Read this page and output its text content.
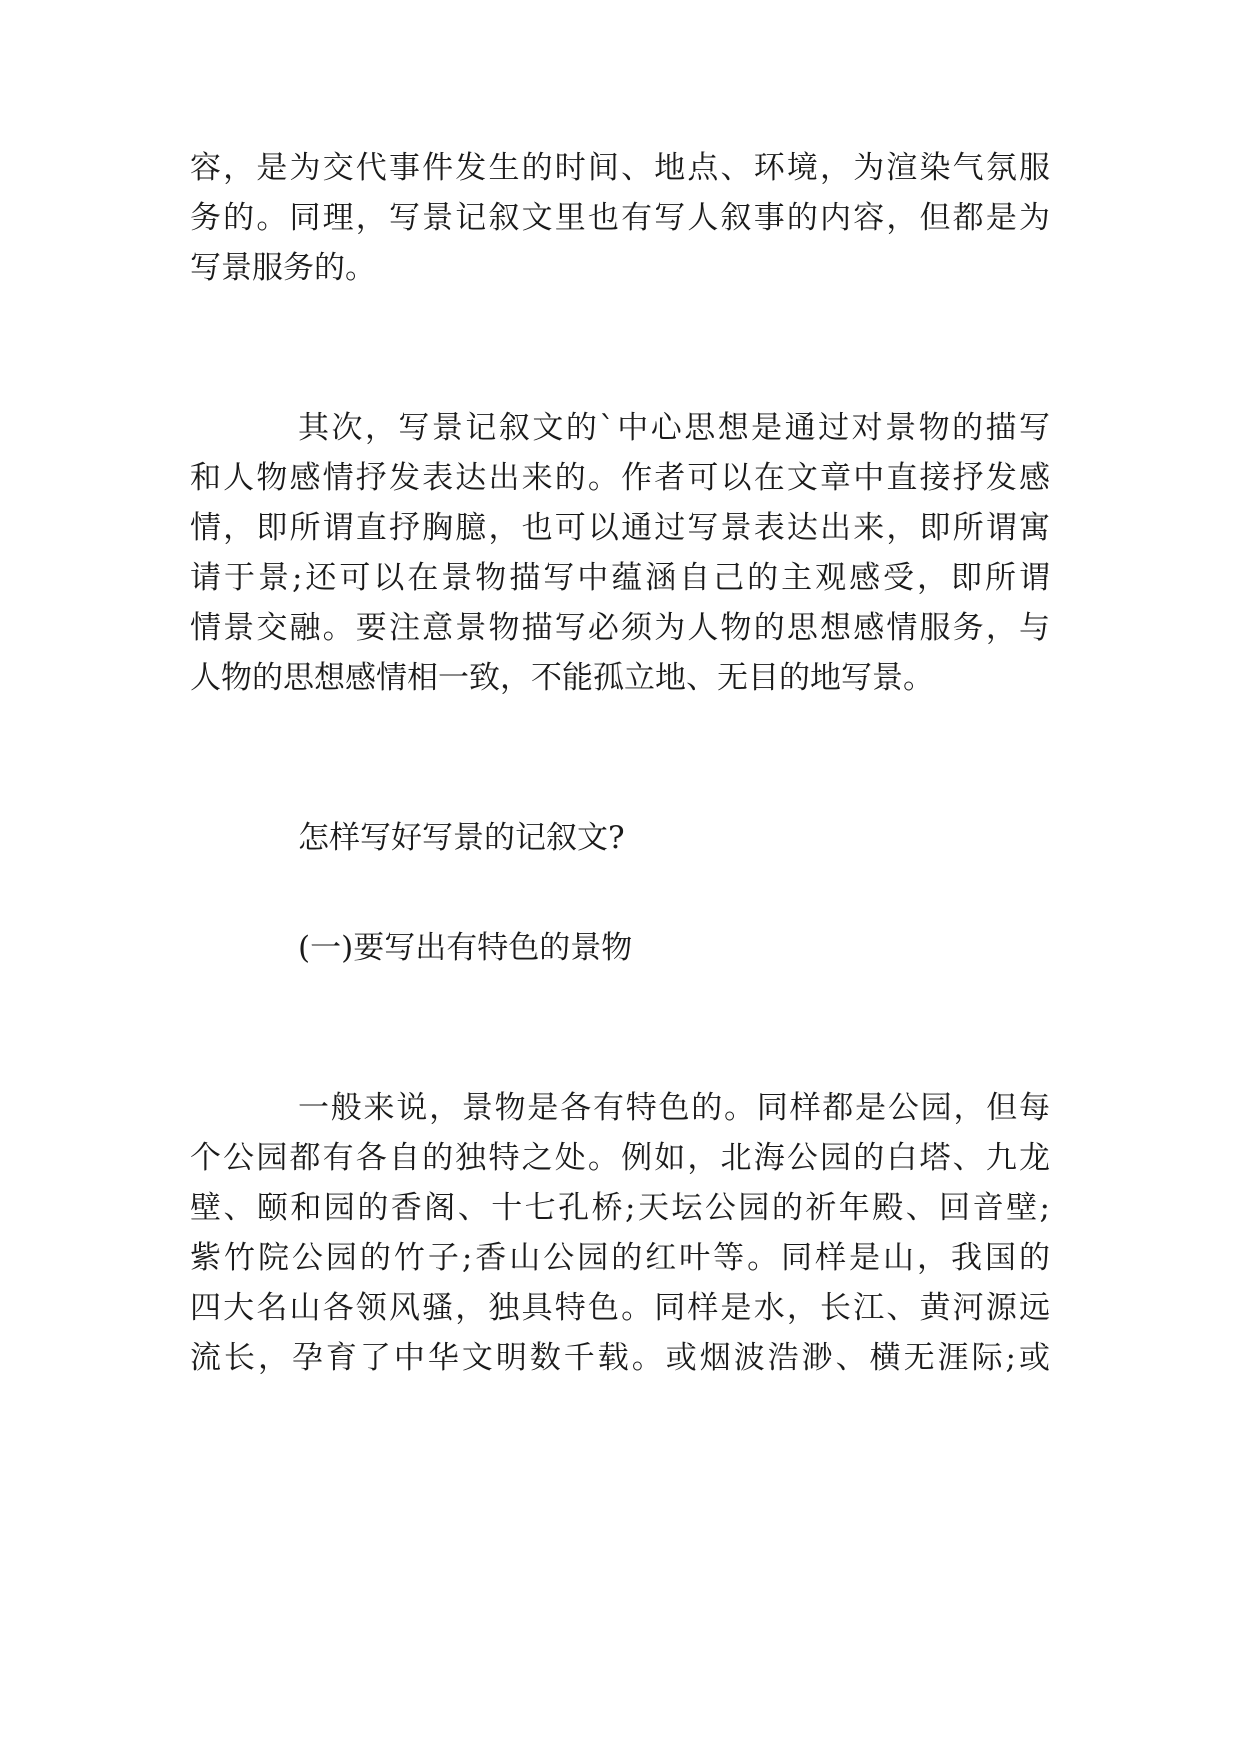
容，是为交代事件发生的时间、地点、环境，为渲染气氛服
务的。同理，写景记叙文里也有写人叙事的内容，但都是为
写景服务的。
其次，写景记叙文的`中心思想是通过对景物的描写
和人物感情抒发表达出来的。作者可以在文章中直接抒发感
情，即所谓直抒胸臆，也可以通过写景表达出来，即所谓寓
请于景;还可以在景物描写中蕴涵自己的主观感受，即所谓
情景交融。要注意景物描写必须为人物的思想感情服务，与
人物的思想感情相一致，不能孤立地、无目的地写景。
怎样写好写景的记叙文?
(一)要写出有特色的景物
一般来说，景物是各有特色的。同样都是公园，但每
个公园都有各自的独特之处。例如，北海公园的白塔、九龙
壁、颐和园的香阁、十七孔桥;天坛公园的祈年殿、回音壁;
紫竹院公园的竹子;香山公园的红叶等。同样是山，我国的
四大名山各领风骚，独具特色。同样是水，长江、黄河源远
流长，孕育了中华文明数千载。或烟波浩渺、横无涯际;或
